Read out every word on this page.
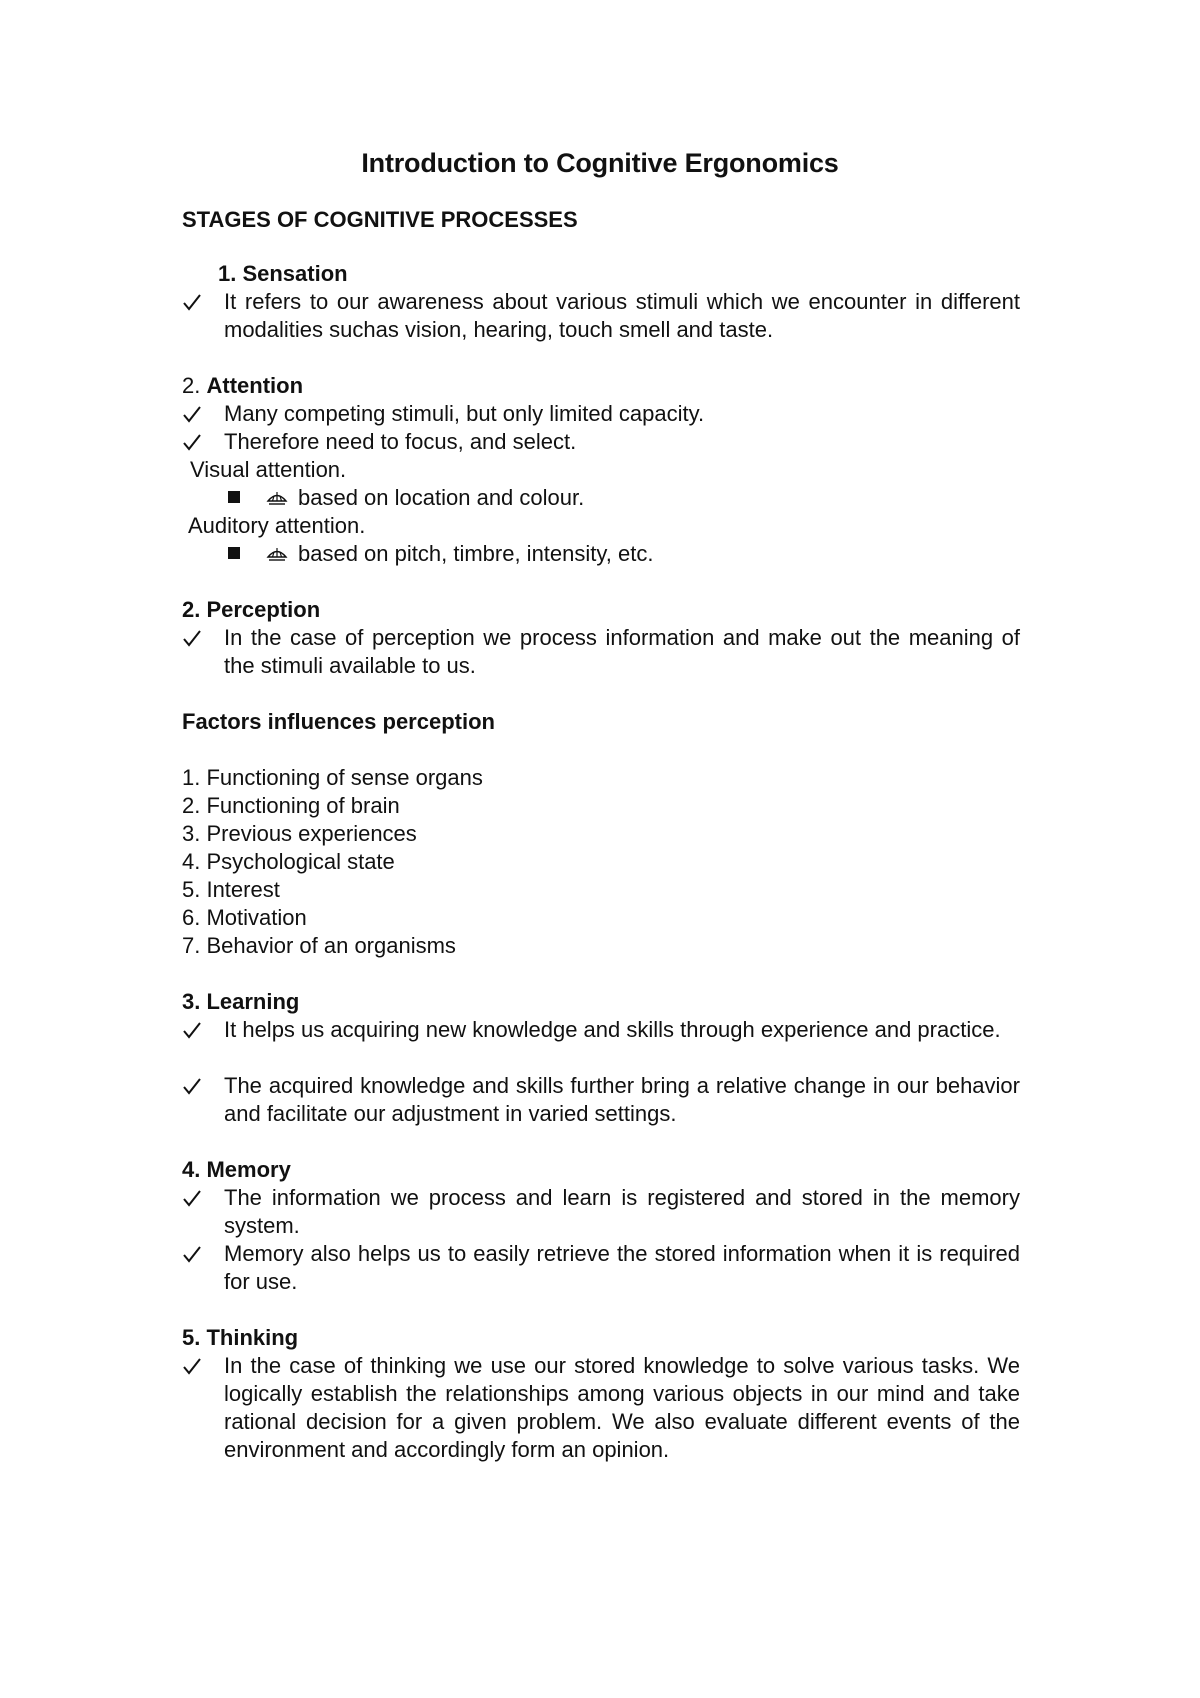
Introduction to Cognitive Ergonomics
STAGES OF COGNITIVE PROCESSES
1. Sensation
It refers to our awareness about various stimuli which we encounter in different modalities suchas vision, hearing, touch smell and taste.
2. Attention
Many competing stimuli, but only limited capacity.
Therefore need to focus, and select.
Visual attention.
based on location and colour.
Auditory attention.
based on pitch, timbre, intensity, etc.
2. Perception
In the case of perception we process information and make out the meaning of the stimuli available to us.
Factors influences perception
1. Functioning of sense organs
2. Functioning of brain
3. Previous experiences
4. Psychological state
5. Interest
6. Motivation
7. Behavior of an organisms
3. Learning
It helps us acquiring new knowledge and skills through experience and practice.
The acquired knowledge and skills further bring a relative change in our behavior and facilitate our adjustment in varied settings.
4. Memory
The information we process and learn is registered and stored in the memory system.
Memory also helps us to easily retrieve the stored information when it is required for use.
5. Thinking
In the case of thinking we use our stored knowledge to solve various tasks. We logically establish the relationships among various objects in our mind and take rational decision for a given problem. We also evaluate different events of the environment and accordingly form an opinion.
